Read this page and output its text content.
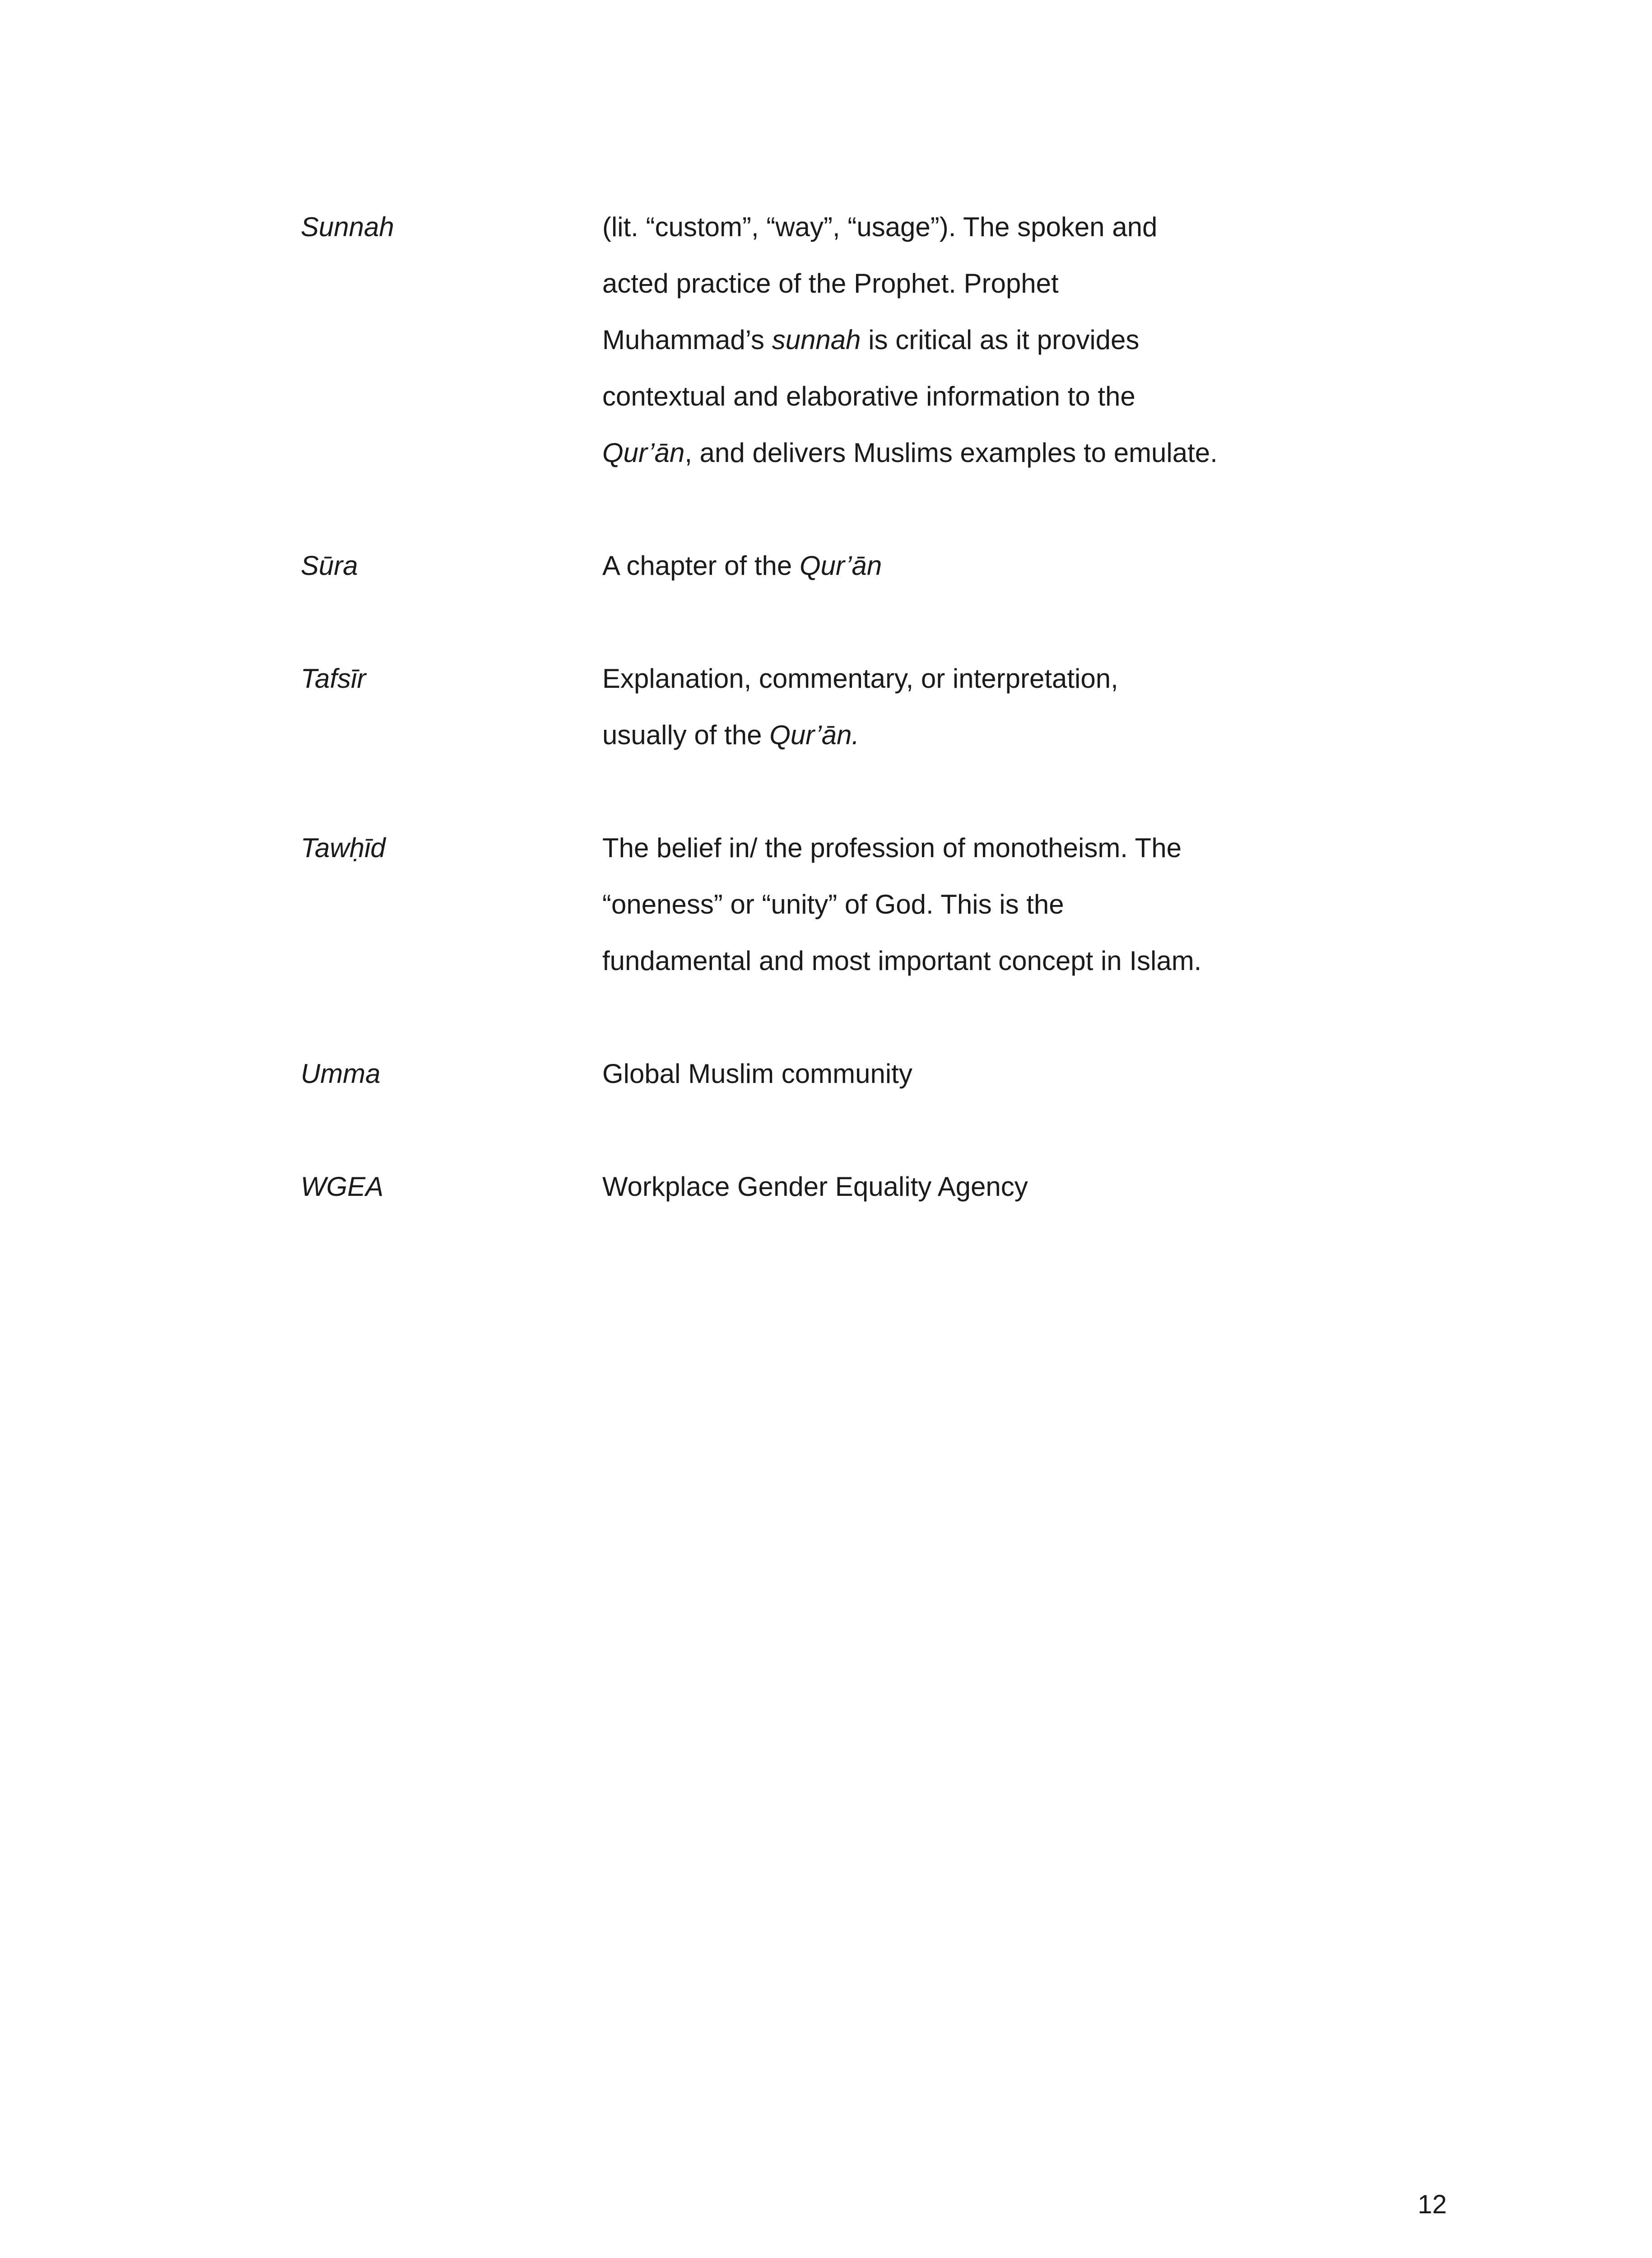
Sunnah	(lit. “custom”, “way”, “usage”). The spoken and
acted practice of the Prophet. Prophet
Muhammad’s sunnah is critical as it provides
contextual and elaborative information to the
Qur’ān, and delivers Muslims examples to emulate.
Sūra	A chapter of the Qur’ān
Tafsīr	Explanation, commentary, or interpretation,
usually of the Qur’ān.
Tawḥīd	The belief in/ the profession of monotheism. The
“oneness” or “unity” of God. This is the
fundamental and most important concept in Islam.
Umma	Global Muslim community
WGEA	Workplace Gender Equality Agency
12
